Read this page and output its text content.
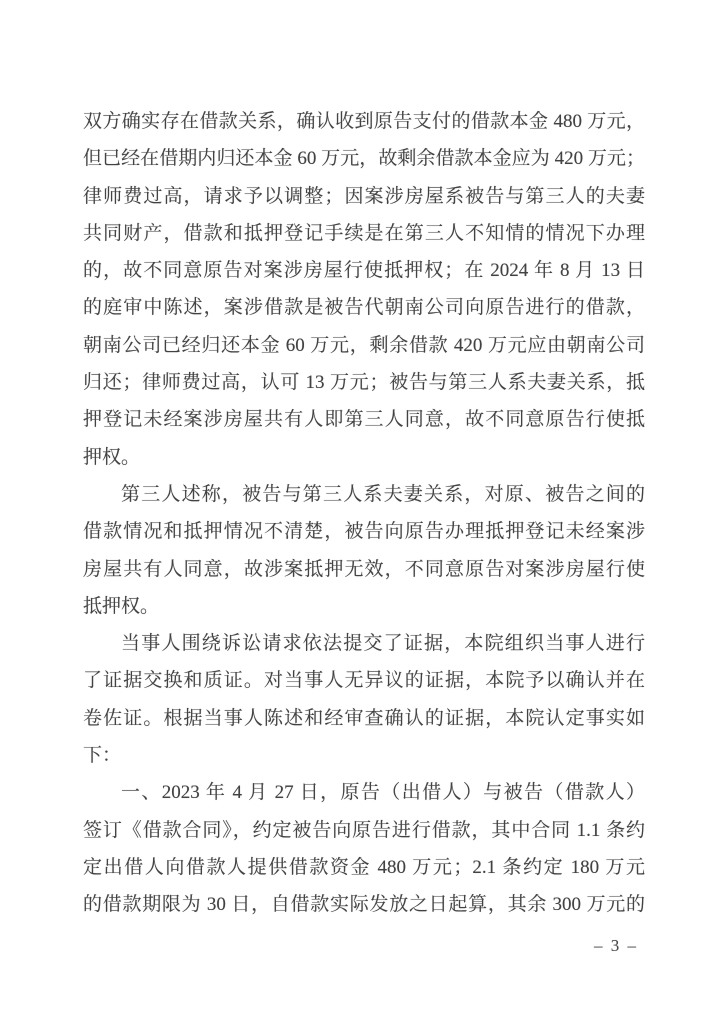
双方确实存在借款关系，确认收到原告支付的借款本金 480 万元，
但已经在借期内归还本金 60 万元，故剩余借款本金应为 420 万元；
律师费过高，请求予以调整；因案涉房屋系被告与第三人的夫妻
共同财产，借款和抵押登记手续是在第三人不知情的情况下办理
的，故不同意原告对案涉房屋行使抵押权；在 2024 年 8 月 13 日
的庭审中陈述，案涉借款是被告代朝南公司向原告进行的借款，
朝南公司已经归还本金 60 万元，剩余借款 420 万元应由朝南公司
归还；律师费过高，认可 13 万元；被告与第三人系夫妻关系，抵
押登记未经案涉房屋共有人即第三人同意，故不同意原告行使抵
押权。
第三人述称，被告与第三人系夫妻关系，对原、被告之间的
借款情况和抵押情况不清楚，被告向原告办理抵押登记未经案涉
房屋共有人同意，故涉案抵押无效，不同意原告对案涉房屋行使
抵押权。
当事人围绕诉讼请求依法提交了证据，本院组织当事人进行
了证据交换和质证。对当事人无异议的证据，本院予以确认并在
卷佐证。根据当事人陈述和经审查确认的证据，本院认定事实如
下：
一、2023 年 4 月 27 日，原告（出借人）与被告（借款人）
签订《借款合同》，约定被告向原告进行借款，其中合同 1.1 条约
定出借人向借款人提供借款资金 480 万元；2.1 条约定 180 万元
的借款期限为 30 日，自借款实际发放之日起算，其余 300 万元的
– 3 –
